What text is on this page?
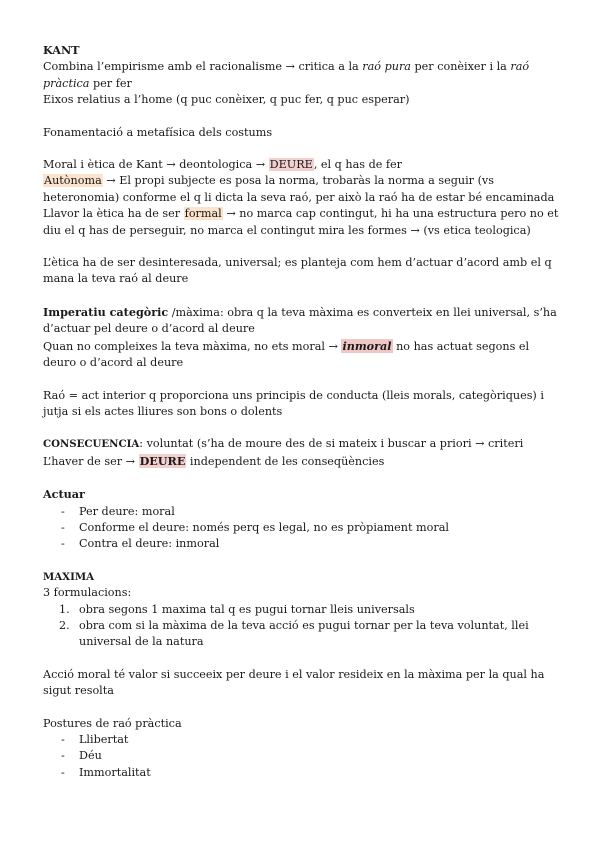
KANT

Combina l’empirisme amb el racionalisme → critica a la raó pura per conèixer i la raó pràctica per fer

Eixos relatius a l’home (q puc conèixer, q puc fer, q puc esperar)

Fonamentació a metafísica dels costums

Moral i ètica de Kant → deontologica → DEURE, el q has de fer

Autònoma → El propi subjecte es posa la norma, trobaràs la norma a seguir (vs heteronomia) conforme el q li dicta la seva raó, per això la raó ha de estar bé encaminada

Llavor la ètica ha de ser formal → no marca cap contingut, hi ha una estructura pero no et diu el q has de perseguir, no marca el contingut mira les formes → (vs etica teologica)

L’ètica ha de ser desinteresada, universal; es planteja com hem d’actuar d’acord amb el q mana la teva raó al deure

Imperatiu categòric /màxima: obra q la teva màxima es converteix en llei universal, s’ha d’actuar pel deure o d’acord al deure

Quan no compleixes la teva màxima, no ets moral → inmoral no has actuat segons el deuro o d’acord al deure

Raó = act interior q proporciona uns principis de conducta (lleis morals, categòriques) i jutja si els actes lliures son bons o dolents

CONSECUENCIA: voluntat (s’ha de moure des de si mateix i buscar a priori → criteri L’haver de ser → DEURE independent de les conseqüències

Actuar

- Per deure: moral
- Conforme el deure: només perq es legal, no es pròpiament moral
- Contra el deure: inmoral

MAXIMA

3 formulacions:

1. obra segons 1 maxima tal q es pugui tornar lleis universals
2. obra com si la màxima de la teva acció es pugui tornar per la teva voluntat, llei universal de la natura

Acció moral té valor si succeeix per deure i el valor resideix en la màxima per la qual ha sigut resolta

Postures de raó pràctica

- Llibertat
- Déu
- Immortalitat
